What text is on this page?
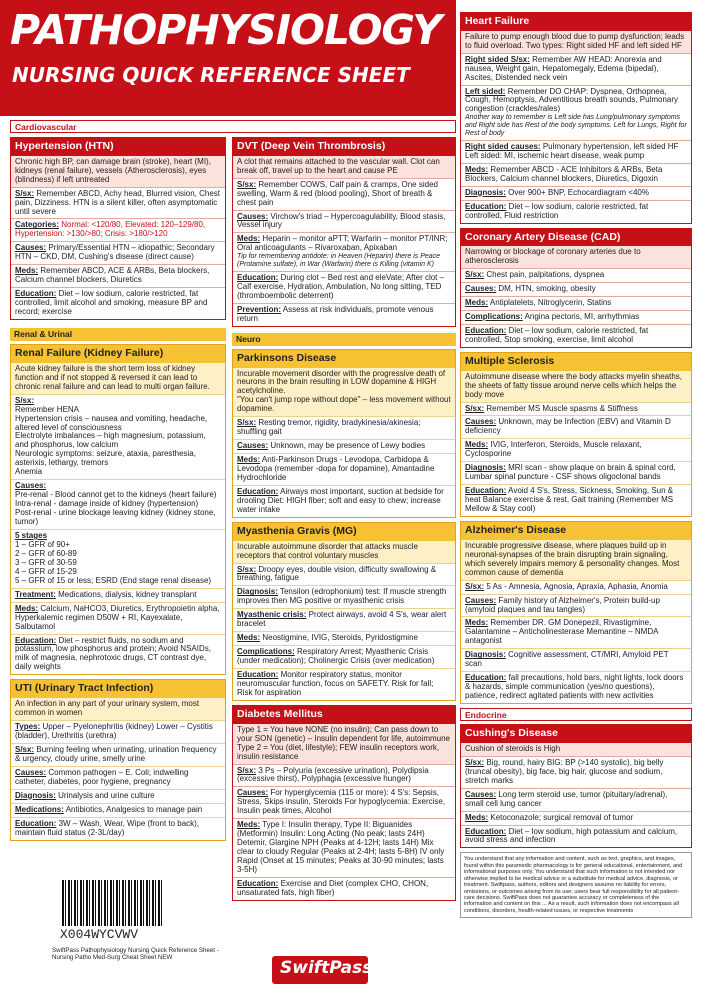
PATHOPHYSIOLOGY
NURSING QUICK REFERENCE SHEET
Cardiovascular
Hypertension (HTN)
Chronic high BP, can damage brain (stroke), heart (MI), kidneys (renal failure), vessels (Atherosclerosis), eyes (blindness) if left untreated
S/sx: Remember ABCD, Achy head, Blurred vision, Chest pain, Dizziness. HTN is a silent killer, often asymptomatic until severe
Categories: Normal: <120/80, Elevated: 120–129/80, Hypertension: >130/>80; Crisis: >180/>120
Causes: Primary/Essential HTN – idiopathic; Secondary HTN – CKD, DM, Cushing's disease (direct cause)
Meds: Remember ABCD, ACE & ARBs, Beta blockers, Calcium channel blockers, Diuretics
Education: Diet – low sodium, calorie restricted, fat controlled, limit alcohol and smoking, measure BP and record; exercise
Renal & Urinal
Renal Failure (Kidney Failure)
Acute kidney failure is the short term loss of kidney function and if not stopped & reversed it can lead to chronic renal failure and can lead to multi organ failure.
S/sx:
Remember HENA
Hypertension crisis – nausea and vomiting, headache, altered level of consciousness
Electrolyte imbalances – high magnesium, potassium, and phosphorus, low calcium
Neurologic symptoms: seizure, ataxia, paresthesia, asterixis, lethargy, tremors
Anemia
Causes:
Pre-renal - Blood cannot get to the kidneys (heart failure)
Intra-renal - damage inside of kidney (hypertension)
Post-renal - urine blockage leaving kidney (kidney stone, tumor)
5 stages
1 – GFR of 90+
2 – GFR of 60-89
3 – GFR of 30-59
4 – GFR of 15-29
5 – GFR of 15 or less; ESRD (End stage renal disease)
Treatment: Medications, dialysis, kidney transplant
Meds: Calcium, NaHCO3, Diuretics, Erythropoietin alpha, Hyperkalemic regimen D50W + RI, Kayexalate, Salbutamol
Education: Diet – restrict fluids, no sodium and potassium, low phosphorus and protein; Avoid NSAIDs, milk of magnesia, nephrotoxic drugs, CT contrast dye, daily weights
UTI (Urinary Tract Infection)
An infection in any part of your urinary system, most common in women
Types: Upper – Pyelonephritis (kidney) Lower – Cystitis (bladder), Urethritis (urethra)
S/sx: Burning feeling when urinating, urination frequency & urgency, cloudy urine, smelly urine
Causes: Common pathogen – E. Coli; indwelling catheter, diabetes, poor hygiene, pregnancy
Diagnosis: Urinalysis and urine culture
Medications: Antibiotics, Analgesics to manage pain
Education: 3W – Wash, Wear, Wipe (front to back), maintain fluid status (2-3L/day)
X004WYCVWV
SwiftPass Pathophysiology Nursing Quick Reference Sheet - Nursing Patho Med-Surg Cheat Sheet NEW
DVT (Deep Vein Thrombrosis)
A clot that remains attached to the vascular wall. Clot can break off, travel up to the heart and cause PE
S/sx: Remember COWS, Calf pain & cramps, One sided swelling, Warm & red (blood pooling), Short of breath & chest pain
Causes: Virchow's triad – Hypercoagulability, Blood stasis, Vessel injury
Meds: Heparin – monitor aPTT; Warfarin – monitor PT/INR; Oral anticoagulants – Rivaroxaban, Apixaban
Tip for remembering antidote: in Heaven (Heparin) there is Peace (Protamine sulfate), in War (Warfarin) there is Killing (vitamin K)
Education: During clot – Bed rest and eleVate; After clot – Calf exercise, Hydration, Ambulation, No long sitting, TED (thromboembolic deterrent)
Prevention: Assess at risk individuals, promote venous return
Neuro
Parkinsons Disease
Incurable movement disorder with the progressive death of neurons in the brain resulting in LOW dopamine & HIGH acetylcholine.
"You can't jump rope without dope" – less movement without dopamine.
S/sx: Resting tremor, rigidity, bradykinesia/akinesia; shuffling gait
Causes: Unknown, may be presence of Lewy bodies
Meds: Anti-Parkinson Drugs - Levodopa, Carbidopa & Levodopa (remember -dopa for dopamine), Amantadine Hydrochloride
Education: Airways most important, suction at bedside for drooling Diet: HIGH fiber; soft and easy to chew; increase water intake
Myasthenia Gravis (MG)
Incurable autoimmune disorder that attacks muscle receptors that control voluntary muscles
S/sx: Droopy eyes, double vision, difficulty swallowing & breathing, fatigue
Diagnosis: Tensilon (edrophonium) test: If muscle strength improves then MG positive or myasthenic crisis
Myasthenic crisis: Protect airways, avoid 4 S's, wear alert bracelet
Meds: Neostigmine, IVIG, Steroids, Pyridostigmine
Complications: Respiratory Arrest; Myasthenic Crisis (under medication); Cholinergic Crisis (over medication)
Education: Monitor respiratory status, monitor neuromuscular function, focus on SAFETY. Risk for fall; Risk for aspiration
Diabetes Mellitus
Type 1 = You have NONE (no insulin); Can pass down to your SON (genetic) – Insulin dependent for life, autoimmune Type 2 = You (diet, lifestyle); FEW insulin receptors work, insulin resistance
S/sx: 3 Ps – Polyuria (excessive urination), Polydipsia (excessive thirst), Polyphagia (excessive hunger)
Causes: For hyperglycemia (115 or more): 4 S's: Sepsis, Stress, Skips insulin, Steroids For hypoglycemia: Exercise, Insulin peak times, Alcohol
Meds: Type I: Insulin therapy, Type II: Biguanides (Metformin) Insulin: Long Acting (No peak; lasts 24H) Detemir, Glargine NPH (Peaks at 4-12H; lasts 14H) Mix clear to cloudy Regular (Peaks at 2-4H; lasts 5-8H) IV only Rapid (Onset at 15 minutes; Peaks at 30-90 minutes; lasts 3-5H)
Education: Exercise and Diet (complex CHO, CHON, unsaturated fats, high fiber)
SwiftPass
Heart Failure
Failure to pump enough blood due to pump dysfunction; leads to fluid overload. Two types: Right sided HF and left sided HF
Right sided S/sx: Remember AW HEAD: Anorexia and nausea, Weight gain, Hepatomegaly, Edema (bipedal), Ascites, Distended neck vein
Left sided: Remember DO CHAP: Dyspnea, Orthopnea, Cough, Hemoptysis, Adventitious breath sounds, Pulmonary congestion (crackles/rales)
Another way to remember is Left side has Lung/pulmonary symptoms and Right side has Rest of the body symptoms. Left for Lungs, Right for Rest of body
Right sided causes: Pulmonary hypertension, left sided HF Left sided: MI, ischemic heart disease, weak pump
Meds: Remember ABCD - ACE Inhibitors & ARBs, Beta Blockers, Calcium channel blockers, Diuretics, Digoxin
Diagnosis: Over 900+ BNP, Echocardiagram <40%
Education: Diet – low sodium, calorie restricted, fat controlled, Fluid restriction
Coronary Artery Disease (CAD)
Narrowing or blockage of coronary arteries due to atherosclerosis
S/sx: Chest pain, palpitations, dyspnea
Causes: DM, HTN, smoking, obesity
Meds: Antiplatelets, Nitroglycerin, Statins
Complications: Angina pectoris, MI, arrhythmias
Education: Diet – low sodium, calorie restricted, fat controlled, Stop smoking, exercise, limit alcohol
Multiple Sclerosis
Autoimmune disease where the body attacks myelin sheaths, the sheets of fatty tissue around nerve cells which helps the body move
S/sx: Remember MS Muscle spasms & Stiffness
Causes: Unknown, may be Infection (EBV) and Vitamin D deficiency
Meds: IVIG, Interferon, Steroids, Muscle relaxant, Cyclosporine
Diagnosis: MRI scan - show plaque on brain & spinal cord, Lumbar spinal puncture - CSF shows oligoclonal bands
Education: Avoid 4 S's, Stress, Sickness, Smoking, Sun & heat Balance exercise & rest, Gait training (Remember MS Mellow & Stay cool)
Alzheimer's Disease
Incurable progressive disease, where plaques build up in neuronal-synapses of the brain disrupting brain signaling, which severely impairs memory & personality changes. Most common cause of dementia
S/sx: 5 As - Amnesia, Agnosia, Apraxia, Aphasia, Anomia
Causes: Family history of Alzheimer's, Protein build-up (amyloid plaques and tau tangles)
Meds: Remember DR. GM Donepezil, Rivastigmine, Galantamine – Anticholinesterase Memantine – NMDA antagonist
Diagnosis: Cognitive assessment, CT/MRI, Amyloid PET scan
Education: fall precautions, hold bars, night lights, lock doors & hazards, simple communication (yes/no questions), patience, redirect agitated patients with new activities
Endocrine
Cushing's Disease
Cushion of steroids is High
S/sx: Big, round, hairy BIG: BP (>140 systolic), big belly (truncal obesity), big face, big hair, glucose and sodium, stretch marks
Causes: Long term steroid use, tumor (pituitary/adrenal), small cell lung cancer
Meds: Ketoconazole; surgical removal of tumor
Education: Diet – low sodium, high potassium and calcium, avoid stress and infection
You understand that any information and content, such as text, graphics, and images, found within this paramedic pharmacology is for general educational, entertainment, and informational purposes only. You understand that such information is not intended nor otherwise implied to be medical advice or a substitute for medical advice, diagnosis, or treatment. Swiftpass, authors, editors and designers assume no liability for errors, omissions, or outcomes arising from its use; users bear full responsibility for all patient-care decisions. SwiftPass does not guarantee accuracy or completeness of the information and content on this ... As a result, such information does not encompass all conditions, disorders, health-related issues, or respective treatments
